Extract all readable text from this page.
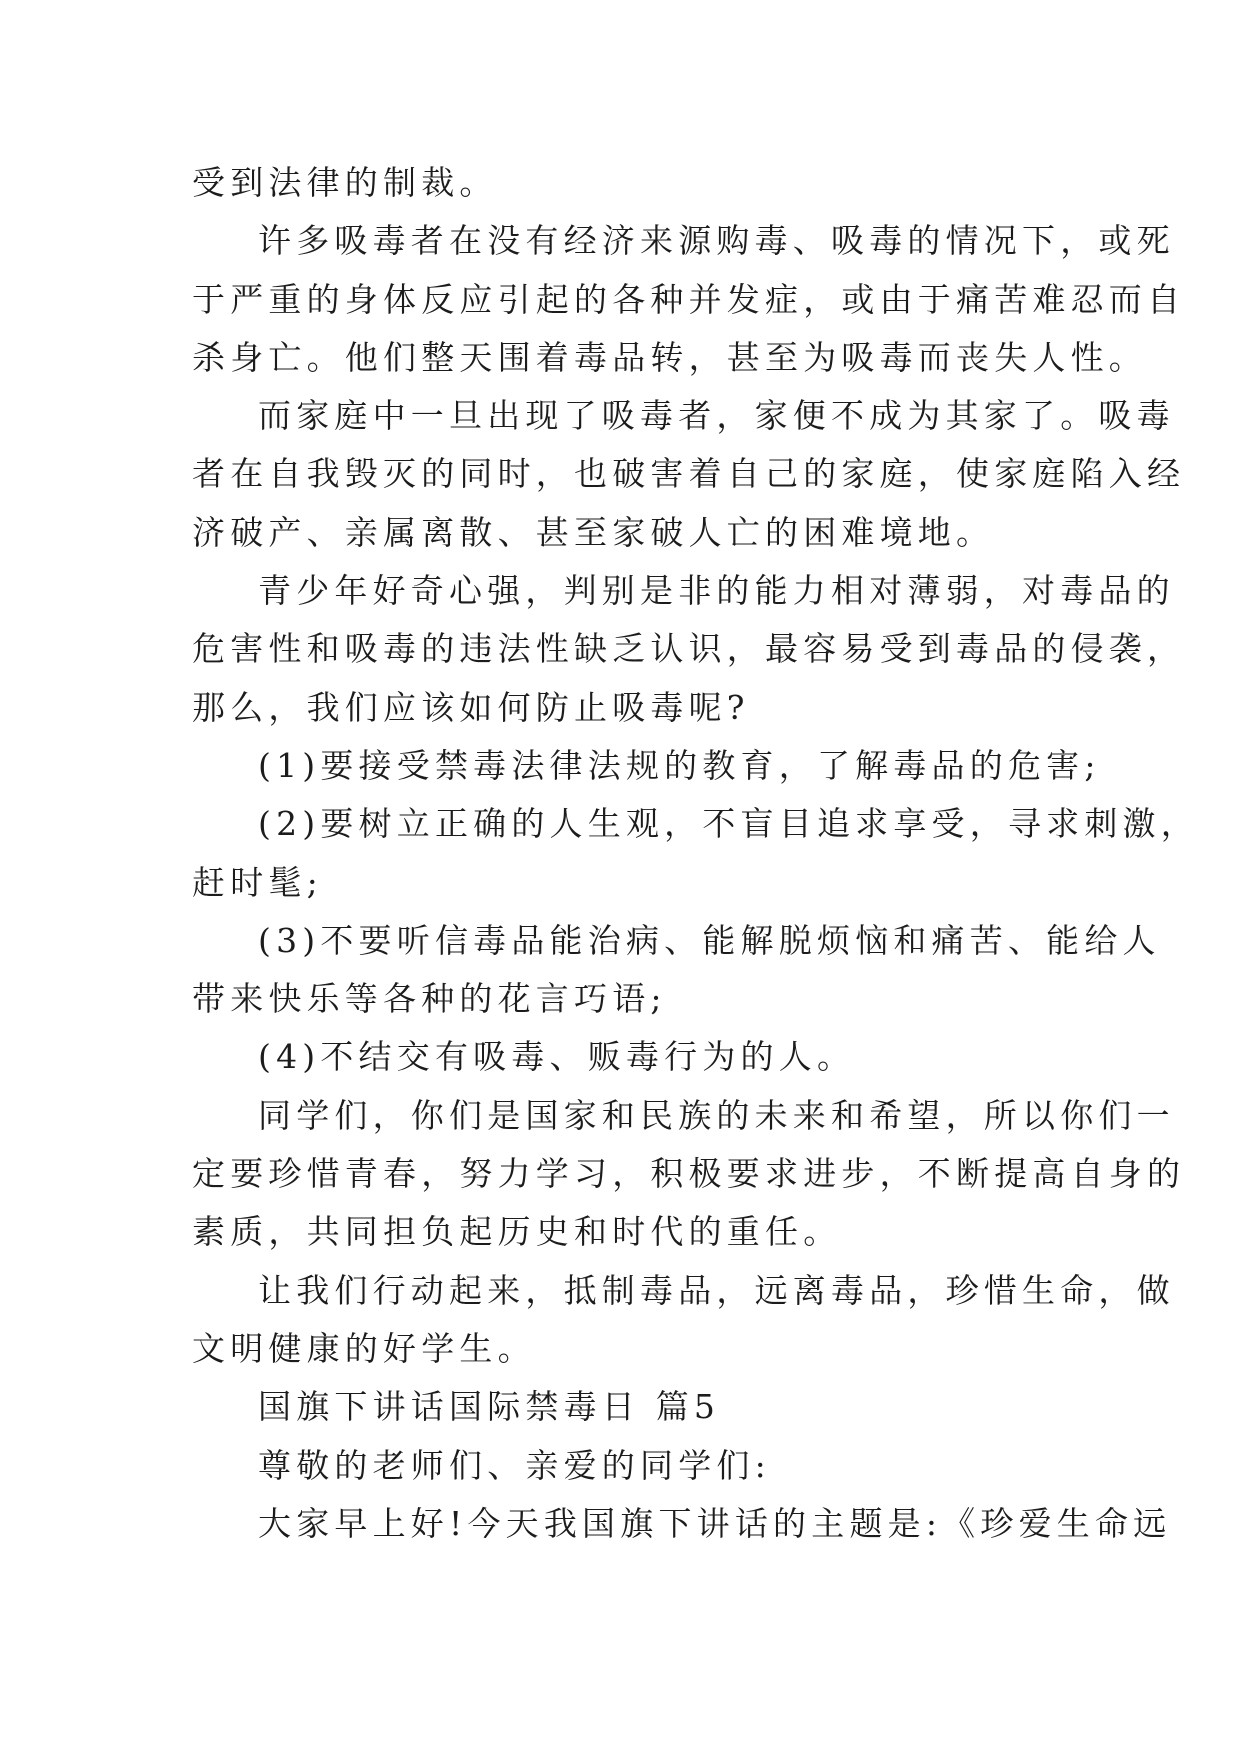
受到法律的制裁。
许多吸毒者在没有经济来源购毒、吸毒的情况下，或死
于严重的身体反应引起的各种并发症，或由于痛苦难忍而自
杀身亡。他们整天围着毒品转，甚至为吸毒而丧失人性。
而家庭中一旦出现了吸毒者，家便不成为其家了。吸毒
者在自我毁灭的同时，也破害着自己的家庭，使家庭陷入经
济破产、亲属离散、甚至家破人亡的困难境地。
青少年好奇心强，判别是非的能力相对薄弱，对毒品的
危害性和吸毒的违法性缺乏认识，最容易受到毒品的侵袭，
那么，我们应该如何防止吸毒呢?
(1)要接受禁毒法律法规的教育，了解毒品的危害;
(2)要树立正确的人生观，不盲目追求享受，寻求刺激，
赶时髦;
(3)不要听信毒品能治病、能解脱烦恼和痛苦、能给人
带来快乐等各种的花言巧语;
(4)不结交有吸毒、贩毒行为的人。
同学们，你们是国家和民族的未来和希望，所以你们一
定要珍惜青春，努力学习，积极要求进步，不断提高自身的
素质，共同担负起历史和时代的重任。
让我们行动起来，抵制毒品，远离毒品，珍惜生命，做
文明健康的好学生。
国旗下讲话国际禁毒日 篇5
尊敬的老师们、亲爱的同学们:
大家早上好!今天我国旗下讲话的主题是:《珍爱生命远
